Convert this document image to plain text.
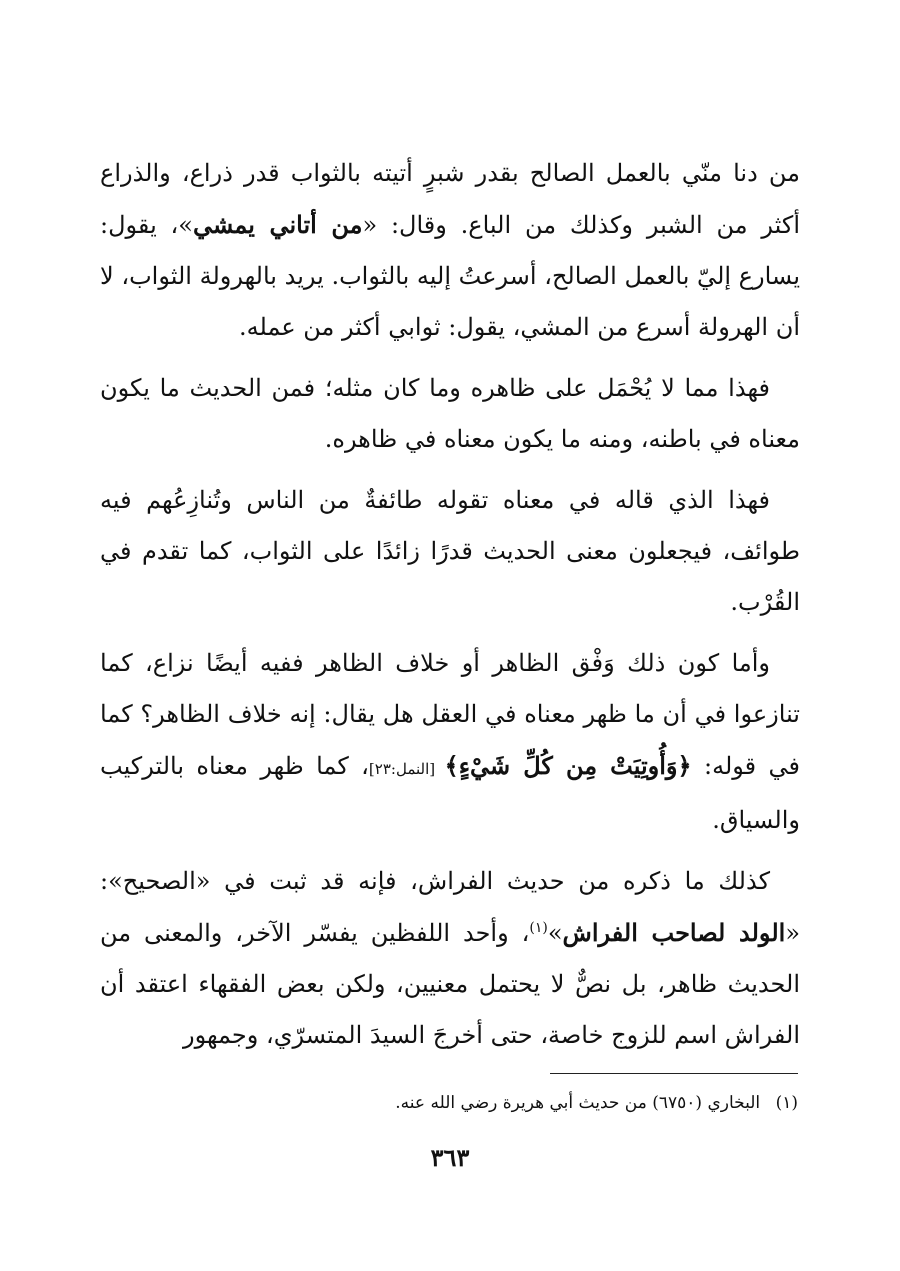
من دنا منّي بالعمل الصالح بقدر شبرٍ أتيته بالثواب قدر ذراع، والذراع أكثر من الشبر وكذلك من الباع. وقال: «من أتاني يمشي»، يقول: يسارع إليّ بالعمل الصالح، أسرعتُ إليه بالثواب. يريد بالهرولة الثواب، لا أن الهرولة أسرع من المشي، يقول: ثوابي أكثر من عمله.

فهذا مما لا يُحْمَل على ظاهره وما كان مثله؛ فمن الحديث ما يكون معناه في باطنه، ومنه ما يكون معناه في ظاهره.

فهذا الذي قاله في معناه تقوله طائفةٌ من الناس وتُنازِعُهم فيه طوائف، فيجعلون معنى الحديث قدرًا زائدًا على الثواب، كما تقدم في القُرْب.

وأما كون ذلك وَفْق الظاهر أو خلاف الظاهر ففيه أيضًا نزاع، كما تنازعوا في أن ما ظهر معناه في العقل هل يقال: إنه خلاف الظاهر؟ كما في قوله: ﴿وَأُوتِيَتْ مِن كُلِّ شَيْءٍ﴾ [النمل:٢٣]، كما ظهر معناه بالتركيب والسياق.

كذلك ما ذكره من حديث الفراش، فإنه قد ثبت في «الصحيح»: «الولد لصاحب الفراش»$^{(١)}$، وأحد اللفظين يفسّر الآخر، والمعنى من الحديث ظاهر، بل نصٌّ لا يحتمل معنيين، ولكن بعض الفقهاء اعتقد أن الفراش اسم للزوج خاصة، حتى أخرجَ السيدَ المتسرّي، وجمهور

(١) البخاري (٦٧٥٠) من حديث أبي هريرة رضي الله عنه.
٣٦٣
